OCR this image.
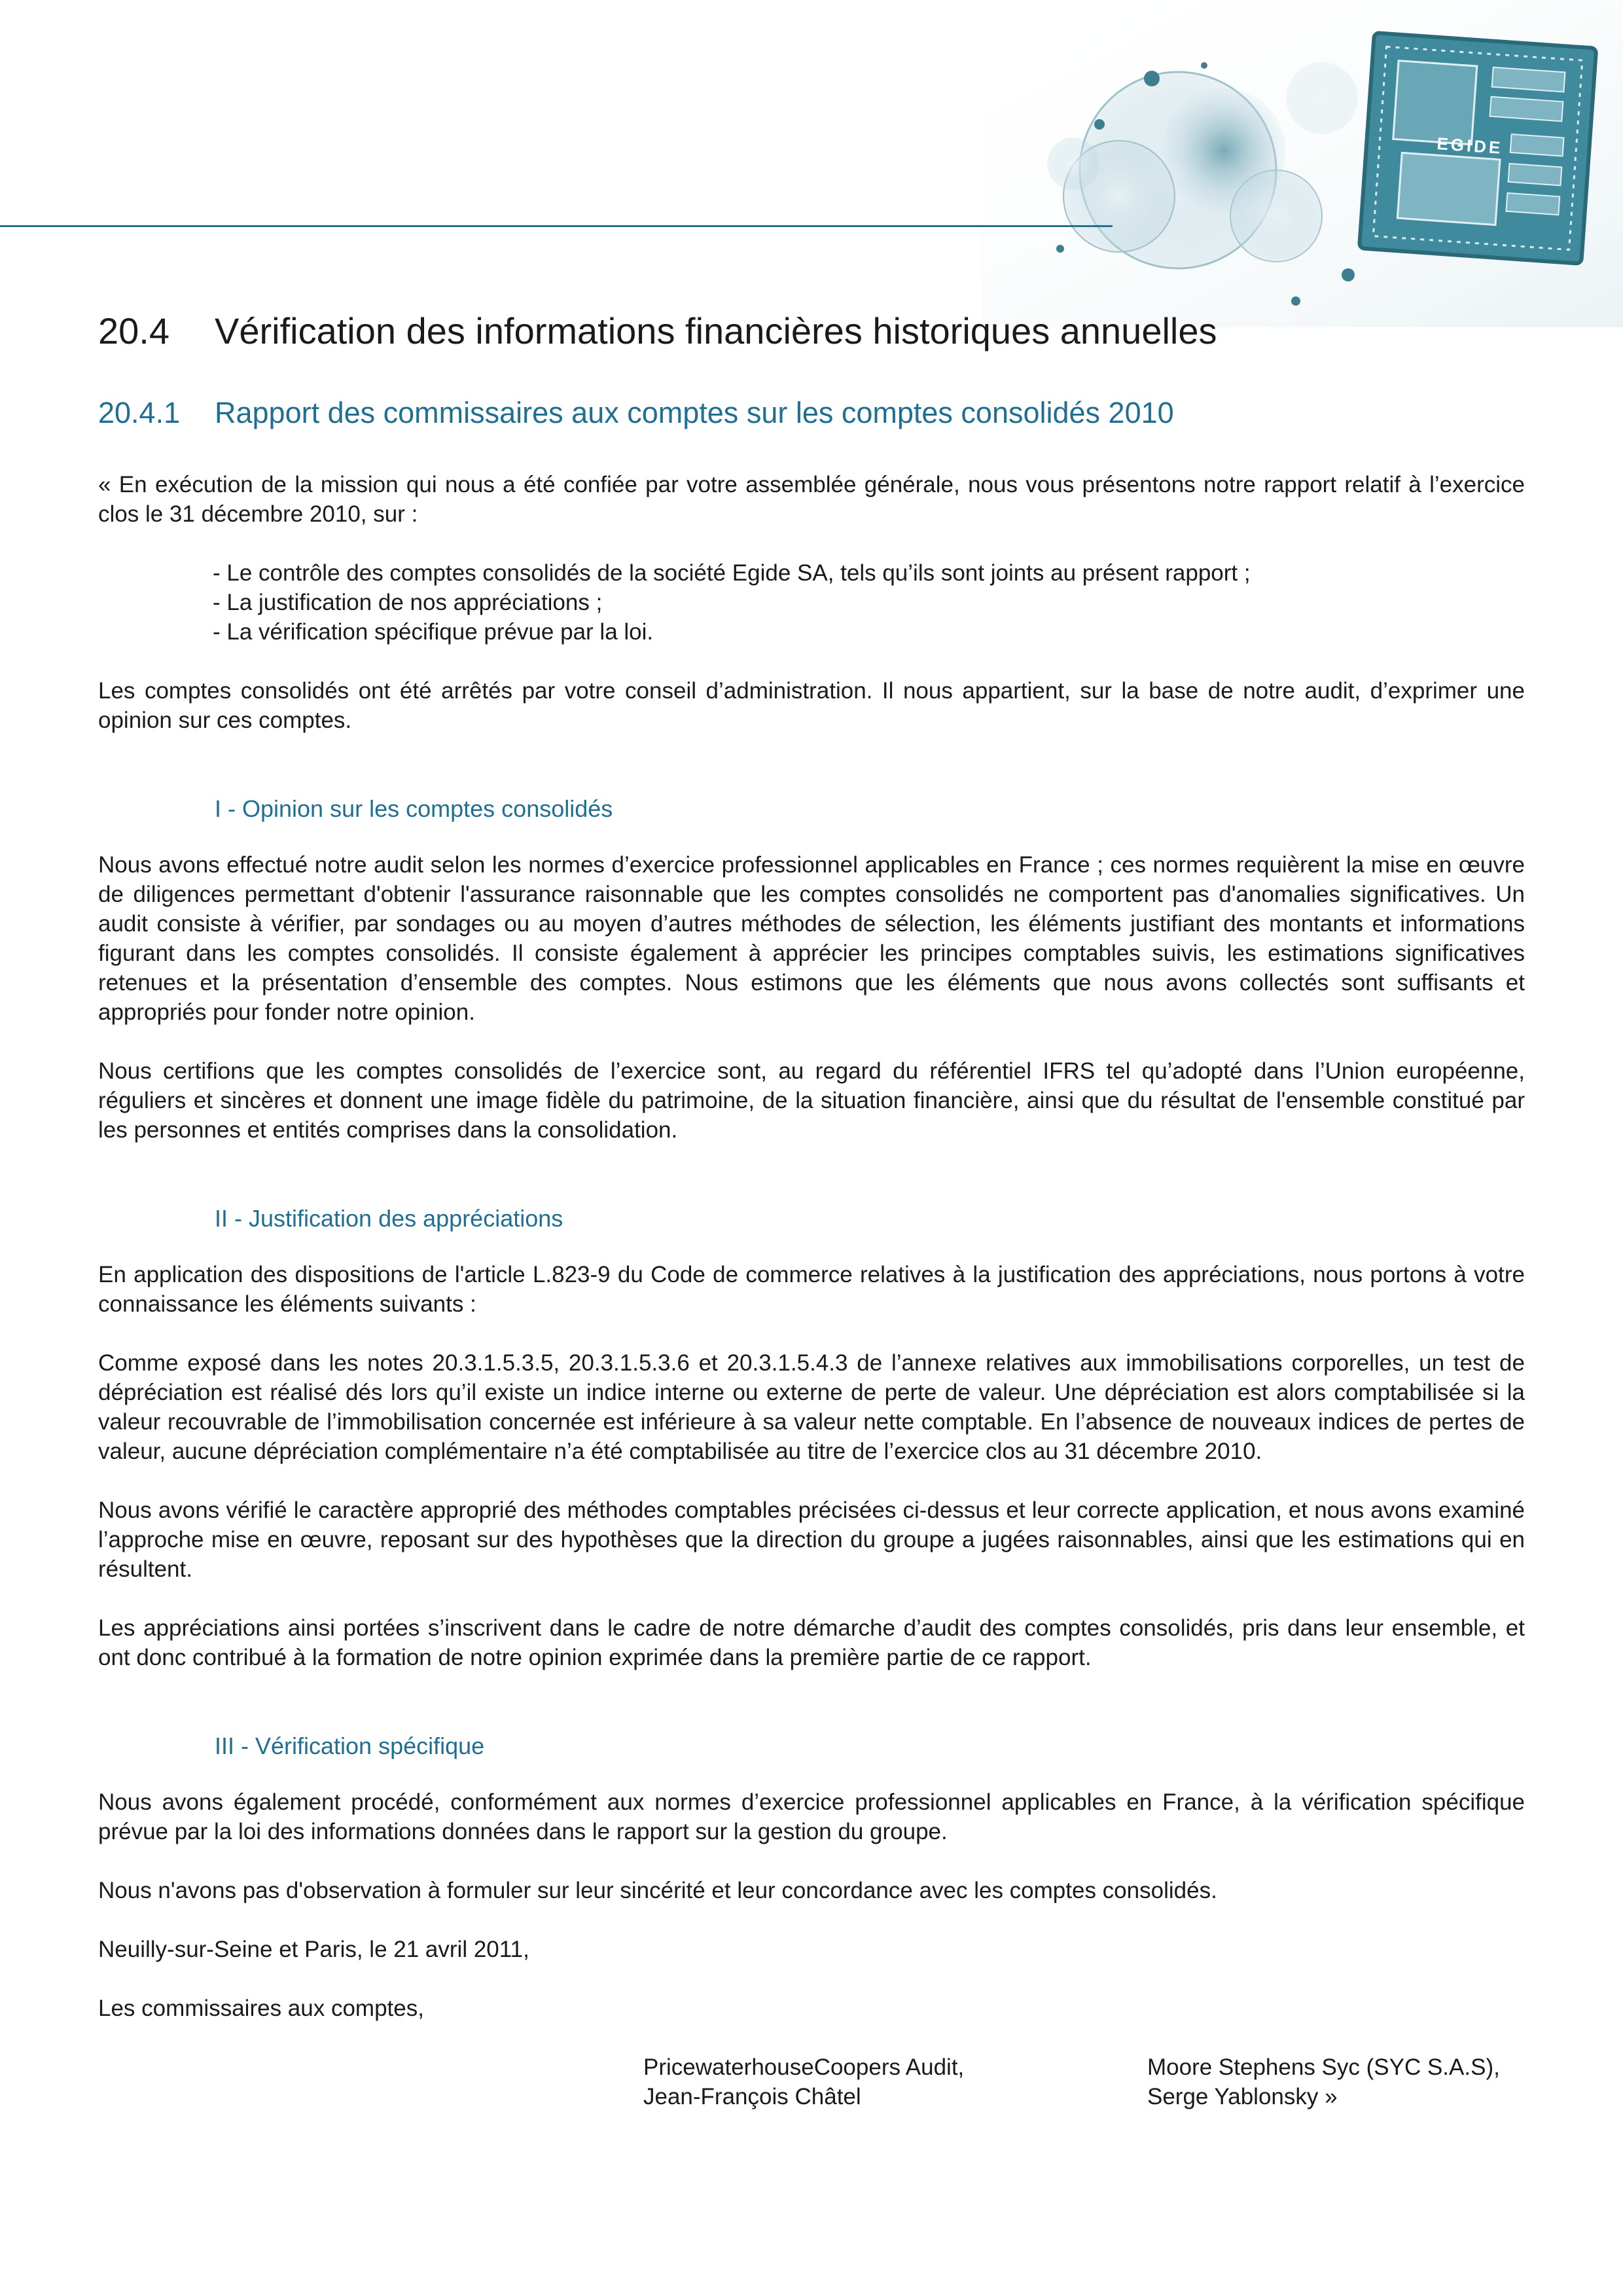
EGIDE
20.4 Vérification des informations financières historiques annuelles
20.4.1 Rapport des commissaires aux comptes sur les comptes consolidés 2010

« En exécution de la mission qui nous a été confiée par votre assemblée générale, nous vous présentons notre rapport relatif à l’exercice clos le 31 décembre 2010, sur :

- Le contrôle des comptes consolidés de la société Egide SA, tels qu’ils sont joints au présent rapport ;
- La justification de nos appréciations ;
- La vérification spécifique prévue par la loi.

Les comptes consolidés ont été arrêtés par votre conseil d’administration. Il nous appartient, sur la base de notre audit, d’exprimer une opinion sur ces comptes.

I - Opinion sur les comptes consolidés

Nous avons effectué notre audit selon les normes d’exercice professionnel applicables en France ; ces normes requièrent la mise en œuvre de diligences permettant d'obtenir l'assurance raisonnable que les comptes consolidés ne comportent pas d'anomalies significatives. Un audit consiste à vérifier, par sondages ou au moyen d’autres méthodes de sélection, les éléments justifiant des montants et informations figurant dans les comptes consolidés. Il consiste également à apprécier les principes comptables suivis, les estimations significatives retenues et la présentation d’ensemble des comptes. Nous estimons que les éléments que nous avons collectés sont suffisants et appropriés pour fonder notre opinion.

Nous certifions que les comptes consolidés de l’exercice sont, au regard du référentiel IFRS tel qu’adopté dans l’Union européenne, réguliers et sincères et donnent une image fidèle du patrimoine, de la situation financière, ainsi que du résultat de l'ensemble constitué par les personnes et entités comprises dans la consolidation.

II - Justification des appréciations

En application des dispositions de l'article L.823-9 du Code de commerce relatives à la justification des appréciations, nous portons à votre connaissance les éléments suivants :

Comme exposé dans les notes 20.3.1.5.3.5, 20.3.1.5.3.6 et 20.3.1.5.4.3 de l’annexe relatives aux immobilisations corporelles, un test de dépréciation est réalisé dés lors qu’il existe un indice interne ou externe de perte de valeur. Une dépréciation est alors comptabilisée si la valeur recouvrable de l’immobilisation concernée est inférieure à sa valeur nette comptable. En l’absence de nouveaux indices de pertes de valeur, aucune dépréciation complémentaire n’a été comptabilisée au titre de l’exercice clos au 31 décembre 2010.

Nous avons vérifié le caractère approprié des méthodes comptables précisées ci-dessus et leur correcte application, et nous avons examiné l’approche mise en œuvre, reposant sur des hypothèses que la direction du groupe a jugées raisonnables, ainsi que les estimations qui en résultent.

Les appréciations ainsi portées s’inscrivent dans le cadre de notre démarche d’audit des comptes consolidés, pris dans leur ensemble, et ont donc contribué à la formation de notre opinion exprimée dans la première partie de ce rapport.

III - Vérification spécifique

Nous avons également procédé, conformément aux normes d’exercice professionnel applicables en France, à la vérification spécifique prévue par la loi des informations données dans le rapport sur la gestion du groupe.

Nous n'avons pas d'observation à formuler sur leur sincérité et leur concordance avec les comptes consolidés.

Neuilly-sur-Seine et Paris, le 21 avril 2011,

Les commissaires aux comptes,

PricewaterhouseCoopers Audit,
Jean-François Châtel
Moore Stephens Syc (SYC S.A.S),
Serge Yablonsky »
